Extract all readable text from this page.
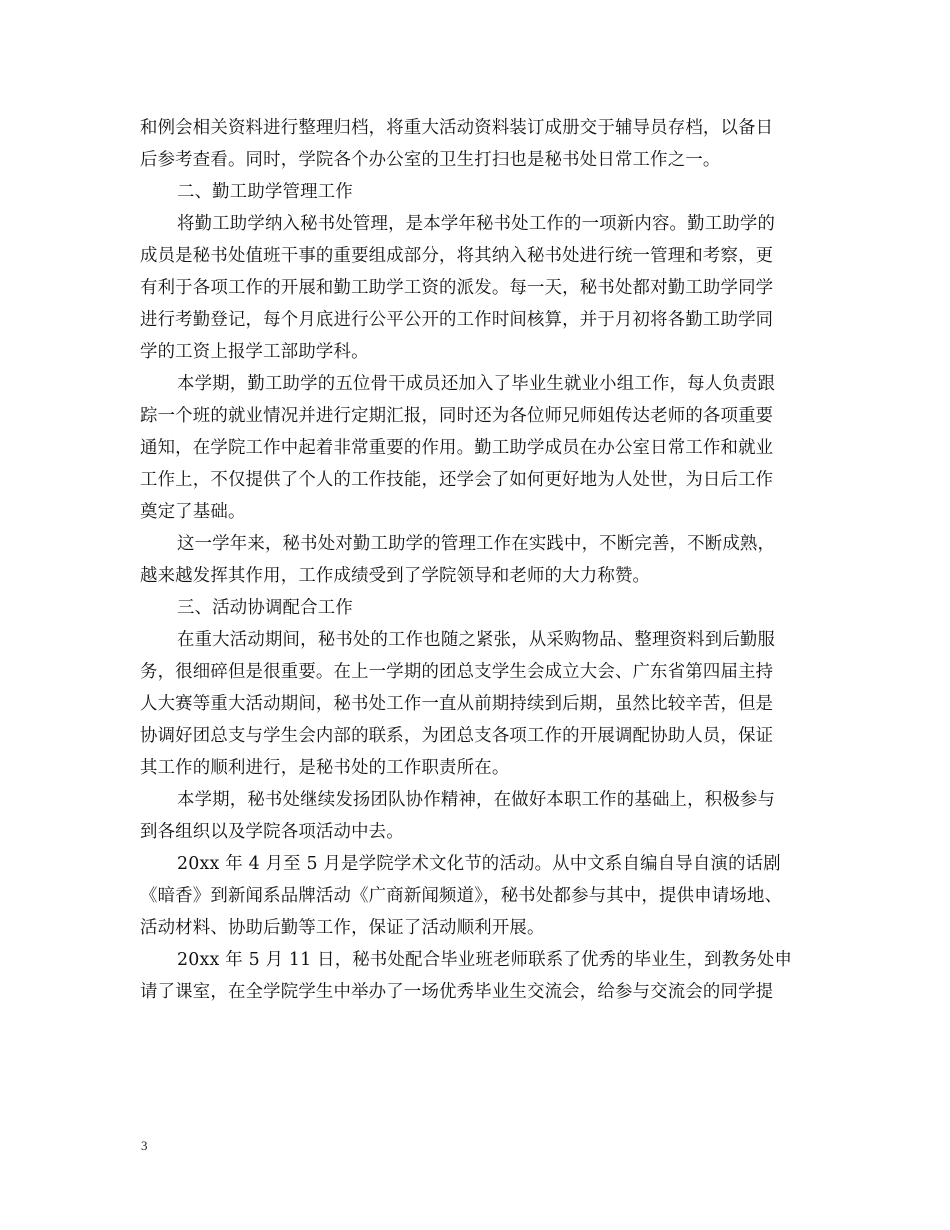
和例会相关资料进行整理归档，将重大活动资料装订成册交于辅导员存档，以备日
后参考查看。同时，学院各个办公室的卫生打扫也是秘书处日常工作之一。
二、勤工助学管理工作
将勤工助学纳入秘书处管理，是本学年秘书处工作的一项新内容。勤工助学的
成员是秘书处值班干事的重要组成部分，将其纳入秘书处进行统一管理和考察，更
有利于各项工作的开展和勤工助学工资的派发。每一天，秘书处都对勤工助学同学
进行考勤登记，每个月底进行公平公开的工作时间核算，并于月初将各勤工助学同
学的工资上报学工部助学科。
本学期，勤工助学的五位骨干成员还加入了毕业生就业小组工作，每人负责跟
踪一个班的就业情况并进行定期汇报，同时还为各位师兄师姐传达老师的各项重要
通知，在学院工作中起着非常重要的作用。勤工助学成员在办公室日常工作和就业
工作上，不仅提供了个人的工作技能，还学会了如何更好地为人处世，为日后工作
奠定了基础。
这一学年来，秘书处对勤工助学的管理工作在实践中，不断完善，不断成熟，
越来越发挥其作用，工作成绩受到了学院领导和老师的大力称赞。
三、活动协调配合工作
在重大活动期间，秘书处的工作也随之紧张，从采购物品、整理资料到后勤服
务，很细碎但是很重要。在上一学期的团总支学生会成立大会、广东省第四届主持
人大赛等重大活动期间，秘书处工作一直从前期持续到后期，虽然比较辛苦，但是
协调好团总支与学生会内部的联系，为团总支各项工作的开展调配协助人员，保证
其工作的顺利进行，是秘书处的工作职责所在。
本学期，秘书处继续发扬团队协作精神，在做好本职工作的基础上，积极参与
到各组织以及学院各项活动中去。
20xx 年 4 月至 5 月是学院学术文化节的活动。从中文系自编自导自演的话剧
《暗香》到新闻系品牌活动《广商新闻频道》，秘书处都参与其中，提供申请场地、
活动材料、协助后勤等工作，保证了活动顺利开展。
20xx 年 5 月 11 日，秘书处配合毕业班老师联系了优秀的毕业生，到教务处申
请了课室，在全学院学生中举办了一场优秀毕业生交流会，给参与交流会的同学提
3
